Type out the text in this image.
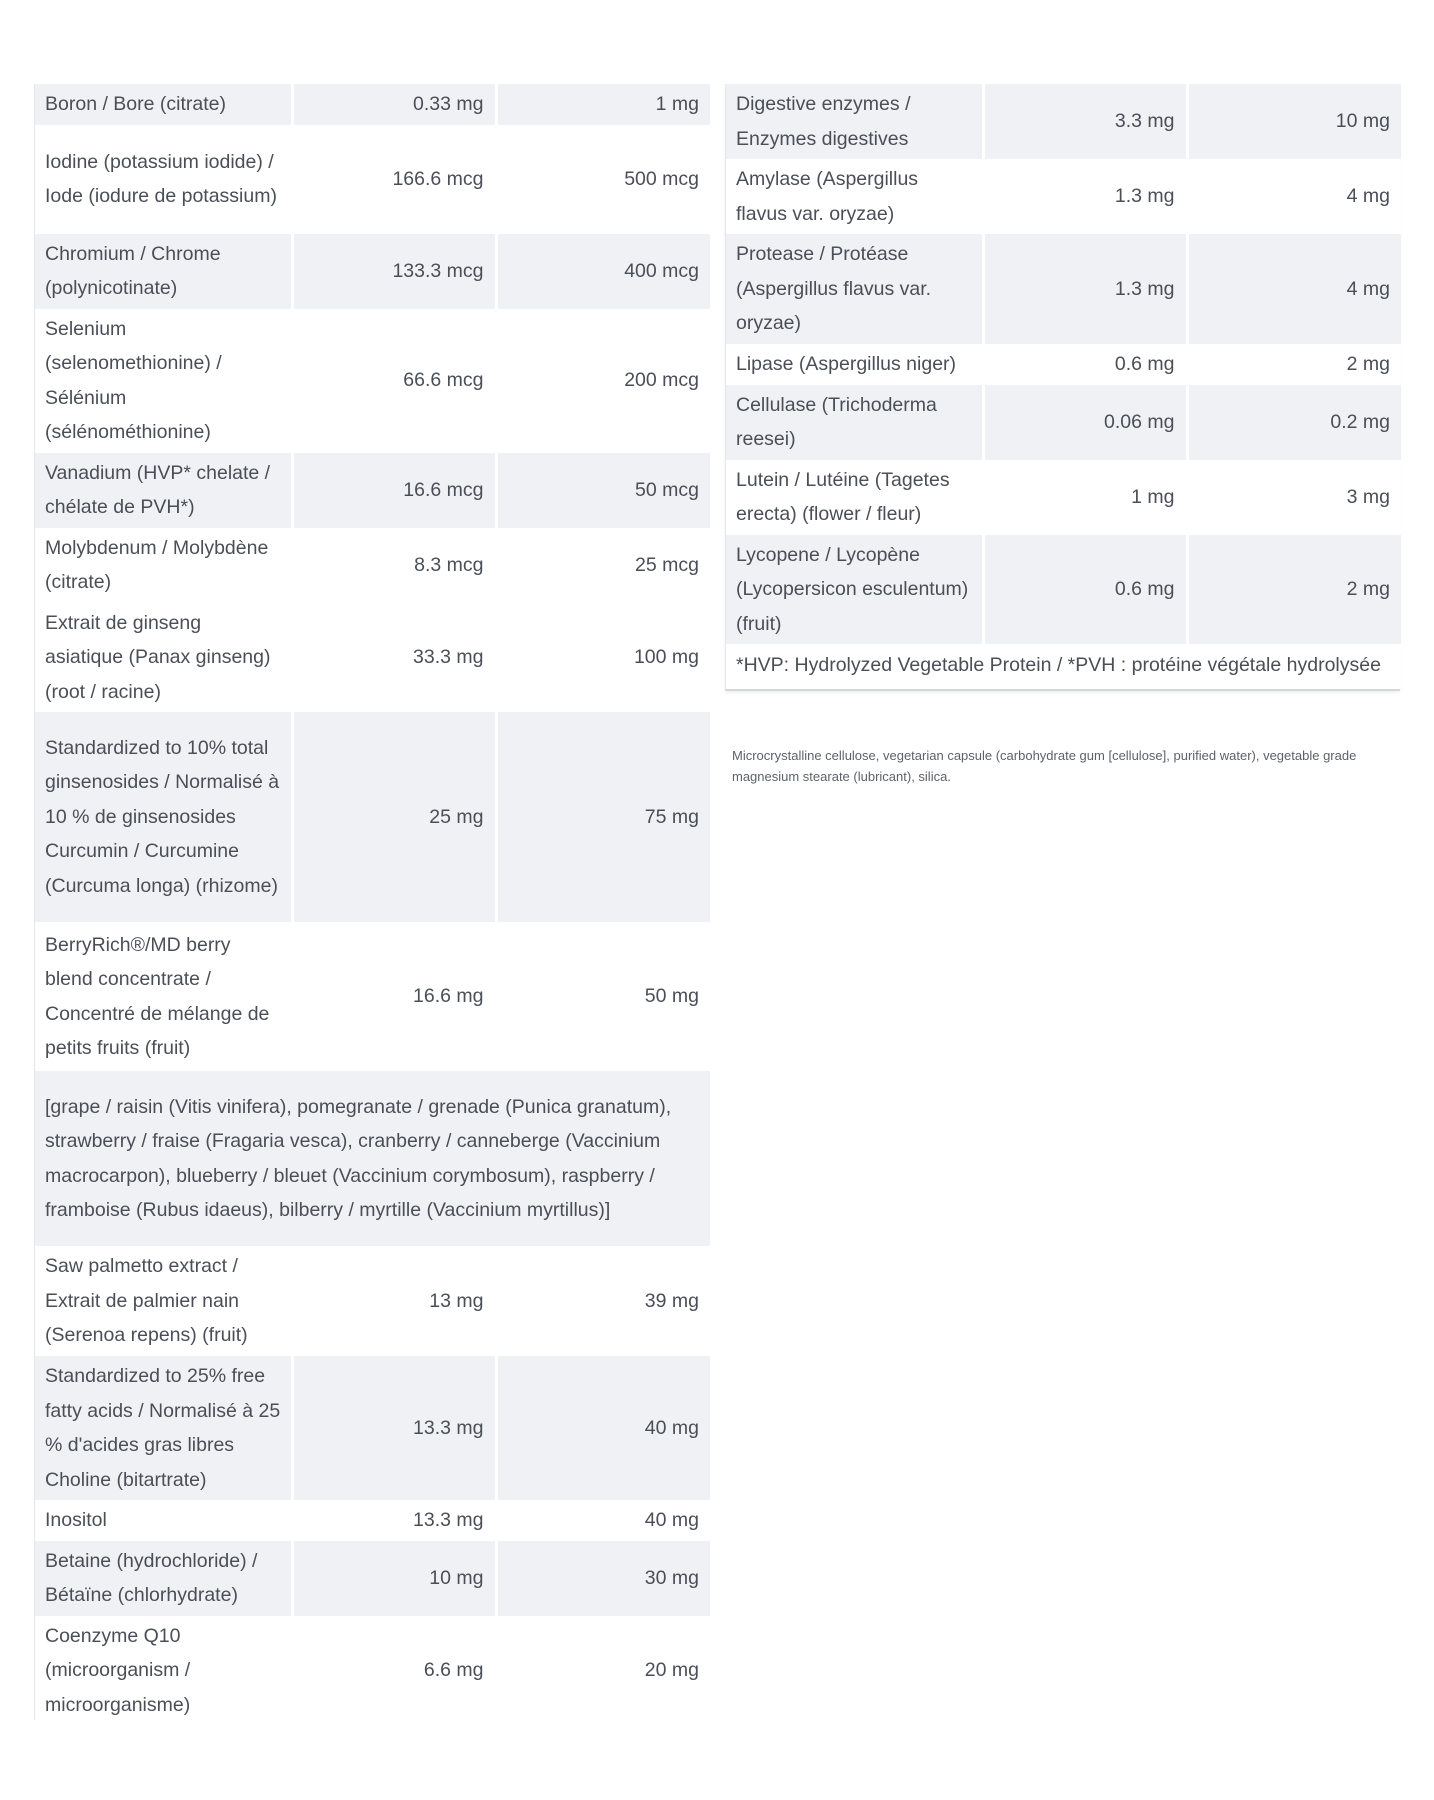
Boron / Bore (citrate)	0.33 mg	1 mg
Iodine (potassium iodide) / Iode (iodure de potassium)	166.6 mcg	500 mcg
Chromium / Chrome (polynicotinate)	133.3 mcg	400 mcg
Selenium (selenomethionine) / Sélénium (sélénométhionine)	66.6 mcg	200 mcg
Vanadium (HVP* chelate / chélate de PVH*)	16.6 mcg	50 mcg
Molybdenum / Molybdène (citrate)	8.3 mcg	25 mcg
Extrait de ginseng asiatique (Panax ginseng) (root / racine)	33.3 mg	100 mg
Standardized to 10% total ginsenosides / Normalisé à 10 % de ginsenosides Curcumin / Curcumine (Curcuma longa) (rhizome)	25 mg	75 mg
BerryRich®/MD berry blend concentrate / Concentré de mélange de petits fruits (fruit)	16.6 mg	50 mg
[grape / raisin (Vitis vinifera), pomegranate / grenade (Punica granatum), strawberry / fraise (Fragaria vesca), cranberry / canneberge (Vaccinium macrocarpon), blueberry / bleuet (Vaccinium corymbosum), raspberry / framboise (Rubus idaeus), bilberry / myrtille (Vaccinium myrtillus)]		
Saw palmetto extract / Extrait de palmier nain (Serenoa repens) (fruit)	13 mg	39 mg
Standardized to 25% free fatty acids / Normalisé à 25 % d'acides gras libres Choline (bitartrate)	13.3 mg	40 mg
Inositol	13.3 mg	40 mg
Betaine (hydrochloride) / Bétaïne (chlorhydrate)	10 mg	30 mg
Coenzyme Q10 (microorganism / microorganisme)	6.6 mg	20 mg
Digestive enzymes / Enzymes digestives	3.3 mg	10 mg
Amylase (Aspergillus flavus var. oryzae)	1.3 mg	4 mg
Protease / Protéase (Aspergillus flavus var. oryzae)	1.3 mg	4 mg
Lipase (Aspergillus niger)	0.6 mg	2 mg
Cellulase (Trichoderma reesei)	0.06 mg	0.2 mg
Lutein / Lutéine (Tagetes erecta) (flower / fleur)	1 mg	3 mg
Lycopene / Lycopène (Lycopersicon esculentum) (fruit)	0.6 mg	2 mg
*HVP: Hydrolyzed Vegetable Protein / *PVH : protéine végétale hydrolysée		
Microcrystalline cellulose, vegetarian capsule (carbohydrate gum [cellulose], purified water), vegetable grade magnesium stearate (lubricant), silica.
